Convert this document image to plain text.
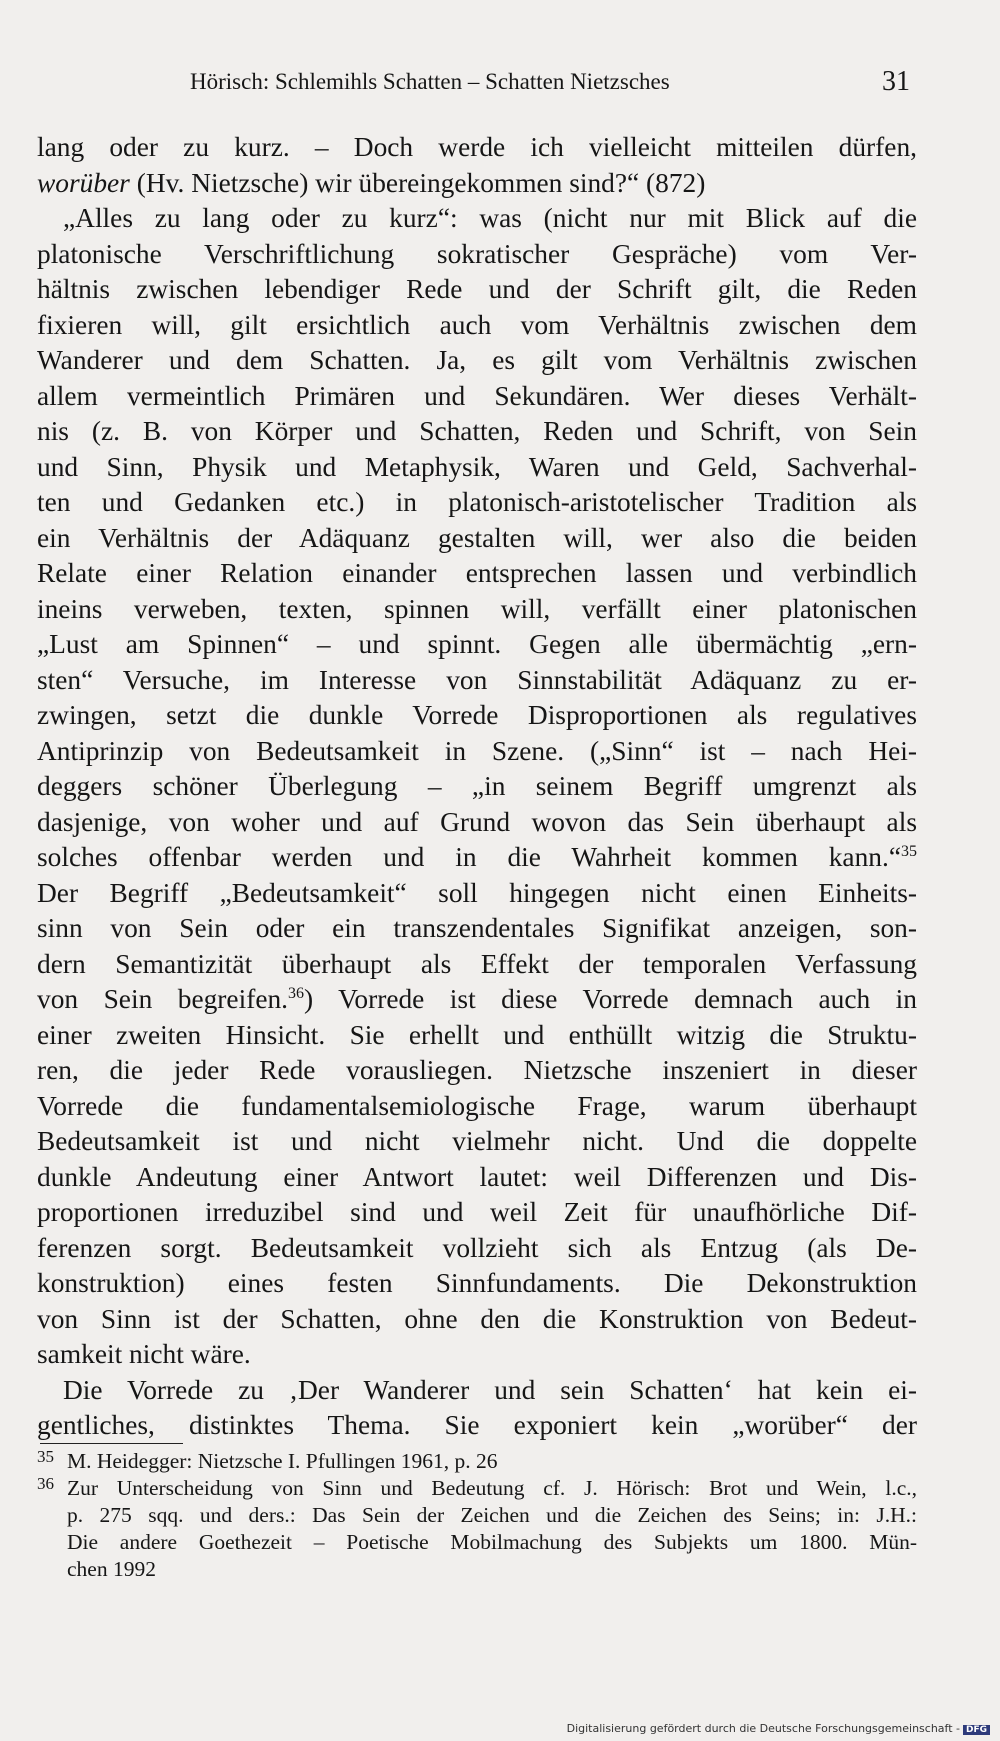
Hörisch: Schlemihls Schatten – Schatten Nietzsches	31
lang oder zu kurz. – Doch werde ich vielleicht mitteilen dürfen,
worüber (Hv. Nietzsche) wir übereingekommen sind?“ (872)
„Alles zu lang oder zu kurz“: was (nicht nur mit Blick auf die
platonische Verschriftlichung sokratischer Gespräche) vom Ver-
hältnis zwischen lebendiger Rede und der Schrift gilt, die Reden
fixieren will, gilt ersichtlich auch vom Verhältnis zwischen dem
Wanderer und dem Schatten. Ja, es gilt vom Verhältnis zwischen
allem vermeintlich Primären und Sekundären. Wer dieses Verhält-
nis (z. B. von Körper und Schatten, Reden und Schrift, von Sein
und Sinn, Physik und Metaphysik, Waren und Geld, Sachverhal-
ten und Gedanken etc.) in platonisch-aristotelischer Tradition als
ein Verhältnis der Adäquanz gestalten will, wer also die beiden
Relate einer Relation einander entsprechen lassen und verbindlich
ineins verweben, texten, spinnen will, verfällt einer platonischen
„Lust am Spinnen“ – und spinnt. Gegen alle übermächtig „ern-
sten“ Versuche, im Interesse von Sinnstabilität Adäquanz zu er-
zwingen, setzt die dunkle Vorrede Disproportionen als regulatives
Antiprinzip von Bedeutsamkeit in Szene. („Sinn“ ist – nach Hei-
deggers schöner Überlegung – „in seinem Begriff umgrenzt als
dasjenige, von woher und auf Grund wovon das Sein überhaupt als
solches offenbar werden und in die Wahrheit kommen kann.“$^{35}$
Der Begriff „Bedeutsamkeit“ soll hingegen nicht einen Einheits-
sinn von Sein oder ein transzendentales Signifikat anzeigen, son-
dern Semantizität überhaupt als Effekt der temporalen Verfassung
von Sein begreifen.$^{36}$) Vorrede ist diese Vorrede demnach auch in
einer zweiten Hinsicht. Sie erhellt und enthüllt witzig die Struktu-
ren, die jeder Rede vorausliegen. Nietzsche inszeniert in dieser
Vorrede die fundamentalsemiologische Frage, warum überhaupt
Bedeutsamkeit ist und nicht vielmehr nicht. Und die doppelte
dunkle Andeutung einer Antwort lautet: weil Differenzen und Dis-
proportionen irreduzibel sind und weil Zeit für unaufhörliche Dif-
ferenzen sorgt. Bedeutsamkeit vollzieht sich als Entzug (als De-
konstruktion) eines festen Sinnfundaments. Die Dekonstruktion
von Sinn ist der Schatten, ohne den die Konstruktion von Bedeut-
samkeit nicht wäre.
Die Vorrede zu ‚Der Wanderer und sein Schatten‘ hat kein ei-
gentliches, distinktes Thema. Sie exponiert kein „worüber“ der
35 M. Heidegger: Nietzsche I. Pfullingen 1961, p. 26
36 Zur Unterscheidung von Sinn und Bedeutung cf. J. Hörisch: Brot und Wein, l.c.,
p. 275 sqq. und ders.: Das Sein der Zeichen und die Zeichen des Seins; in: J.H.:
Die andere Goethezeit – Poetische Mobilmachung des Subjekts um 1800. Mün-
chen 1992
Digitalisierung gefördert durch die Deutsche Forschungsgemeinschaft - DFG
